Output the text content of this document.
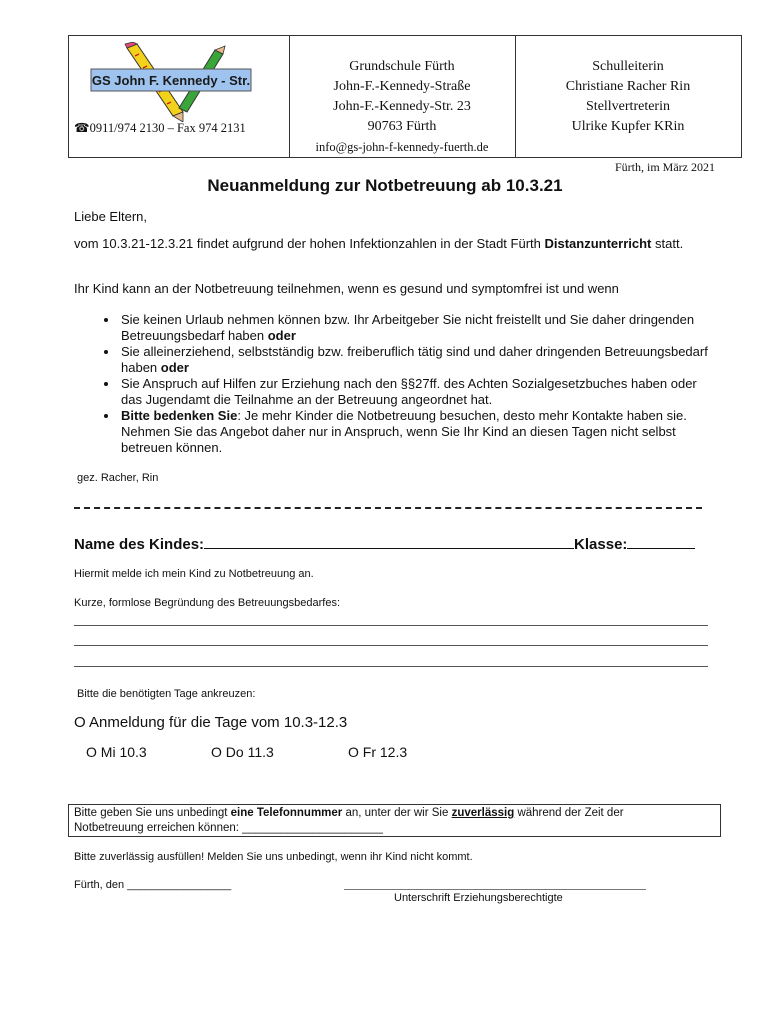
GS John F. Kennedy - Str.
☎0911/974 2130 – Fax 974 2131
Grundschule Fürth
John-F.-Kennedy-Straße
John-F.-Kennedy-Str. 23
90763 Fürth
info@gs-john-f-kennedy-fuerth.de
Schulleiterin
Christiane Racher Rin
Stellvertreterin
Ulrike Kupfer KRin
Fürth, im März 2021
Neuanmeldung zur Notbetreuung ab 10.3.21
Liebe Eltern,
vom 10.3.21-12.3.21 findet aufgrund der hohen Infektionzahlen in der Stadt Fürth Distanzunterricht statt.
Ihr Kind kann an der Notbetreuung teilnehmen, wenn es gesund und symptomfrei ist und wenn
• Sie keinen Urlaub nehmen können bzw. Ihr Arbeitgeber Sie nicht freistellt und Sie daher dringenden Betreuungsbedarf haben oder
• Sie alleinerziehend, selbstständig bzw. freiberuflich tätig sind und daher dringenden Betreuungsbedarf haben oder
• Sie Anspruch auf Hilfen zur Erziehung nach den §§27ff. des Achten Sozialgesetzbuches haben oder das Jugendamt die Teilnahme an der Betreuung angeordnet hat.
• Bitte bedenken Sie: Je mehr Kinder die Notbetreuung besuchen, desto mehr Kontakte haben sie. Nehmen Sie das Angebot daher nur in Anspruch, wenn Sie Ihr Kind an diesen Tagen nicht selbst betreuen können.
gez. Racher, Rin
Name des Kindes:	Klasse:
Hiermit melde ich mein Kind zu Notbetreuung an.
Kurze, formlose Begründung des Betreuungsbedarfes:
Bitte die benötigten Tage ankreuzen:
O Anmeldung für die Tage vom 10.3-12.3
O Mi 10.3	O Do 11.3	O Fr 12.3
Bitte geben Sie uns unbedingt eine Telefonnummer an, unter der wir Sie zuverlässig während der Zeit der
Notbetreuung erreichen können: ______________________
Bitte zuverlässig ausfüllen! Melden Sie uns unbedingt, wenn ihr Kind nicht kommt.
Fürth, den _________________
Unterschrift Erziehungsberechtigte
